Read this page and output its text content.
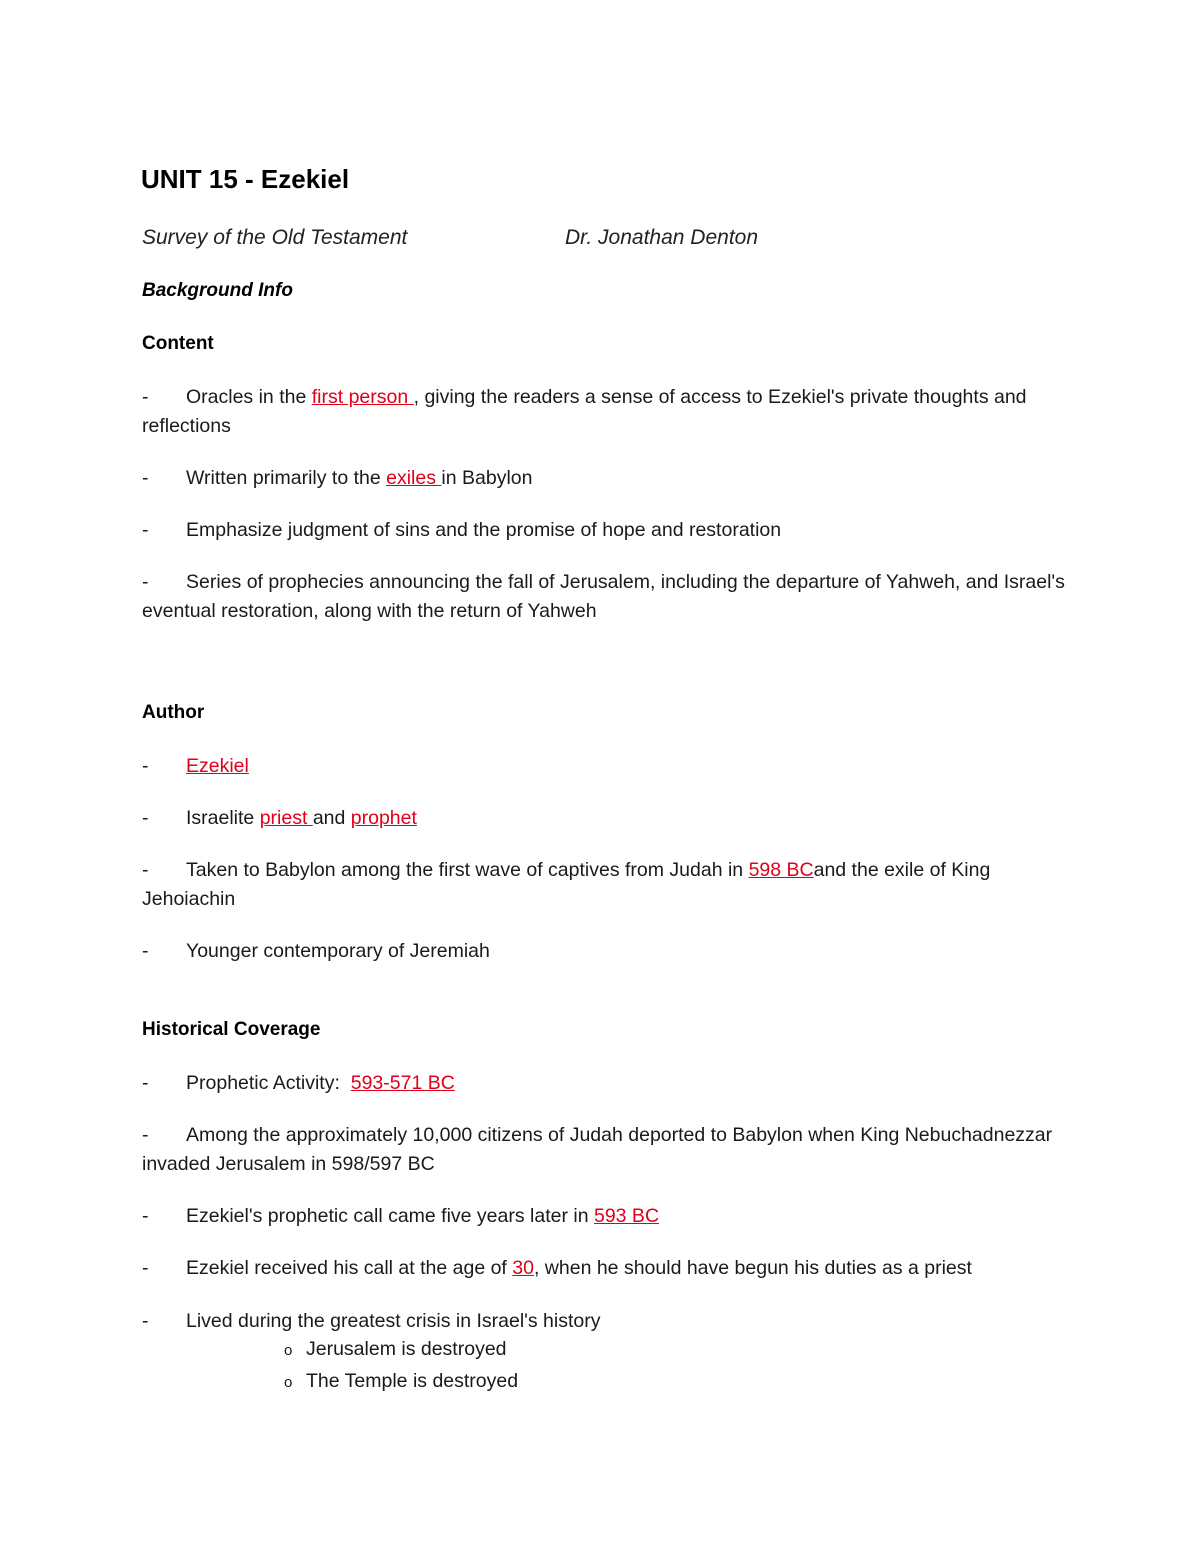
UNIT 15 - Ezekiel
Survey of the Old Testament	Dr. Jonathan Denton
Background Info
Content
- Oracles in the first person , giving the readers a sense of access to Ezekiel's private thoughts and reflections
- Written primarily to the exiles in Babylon
- Emphasize judgment of sins and the promise of hope and restoration
- Series of prophecies announcing the fall of Jerusalem, including the departure of Yahweh, and Israel's eventual restoration, along with the return of Yahweh
Author
- Ezekiel
- Israelite priest and prophet
- Taken to Babylon among the first wave of captives from Judah in 598 BCand the exile of King Jehoiachin
- Younger contemporary of Jeremiah
Historical Coverage
- Prophetic Activity:  593-571 BC
- Among the approximately 10,000 citizens of Judah deported to Babylon when King Nebuchadnezzar invaded Jerusalem in 598/597 BC
- Ezekiel's prophetic call came five years later in 593 BC
- Ezekiel received his call at the age of 30, when he should have begun his duties as a priest
- Lived during the greatest crisis in Israel's history
o Jerusalem is destroyed
o The Temple is destroyed
